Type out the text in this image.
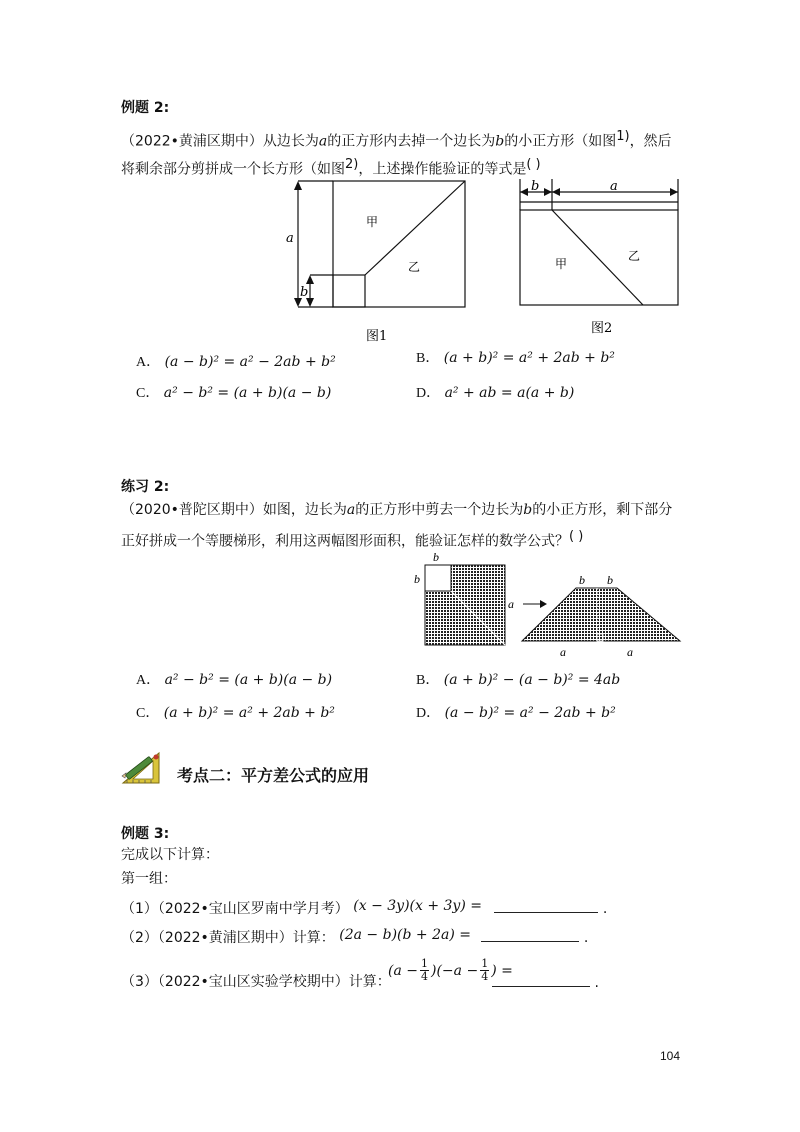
例题 2:
（2022•黄浦区期中）从边长为a的正方形内去掉一个边长为b的小正方形（如图$^{1)}$，然后
将剩余部分剪拼成一个长方形（如图$^{2)}$，上述操作能验证的等式是( )
a
b
甲
乙
图1
b	a
甲
乙
图2
A． (a − b)² = a² − 2ab + b²	B． (a + b)² = a² + 2ab + b²
C． a² − b² = (a + b)(a − b)	D． a² + ab = a(a + b)
练习 2:
（2020•普陀区期中）如图，边长为a的正方形中剪去一个边长为b的小正方形，剩下部分
正好拼成一个等腰梯形，利用这两幅图形面积，能验证怎样的数学公式？( )
b
b
a
b b
a	a
A． a² − b² = (a + b)(a − b)	B． (a + b)² − (a − b)² = 4ab
C． (a + b)² = a² + 2ab + b²	D． (a − b)² = a² − 2ab + b²
考点二：平方差公式的应用
例题 3:
完成以下计算：
第一组：
（1）（2022•宝山区罗南中学月考） (x − 3y)(x + 3y) =	.
（2）（2022•黄浦区期中）计算： (2a − b)(b + 2a) =	.
（3）（2022•宝山区实验学校期中）计算：
$(a - \frac{1}{4} )(-a - \frac{1}{4}$ ) =
.
104
